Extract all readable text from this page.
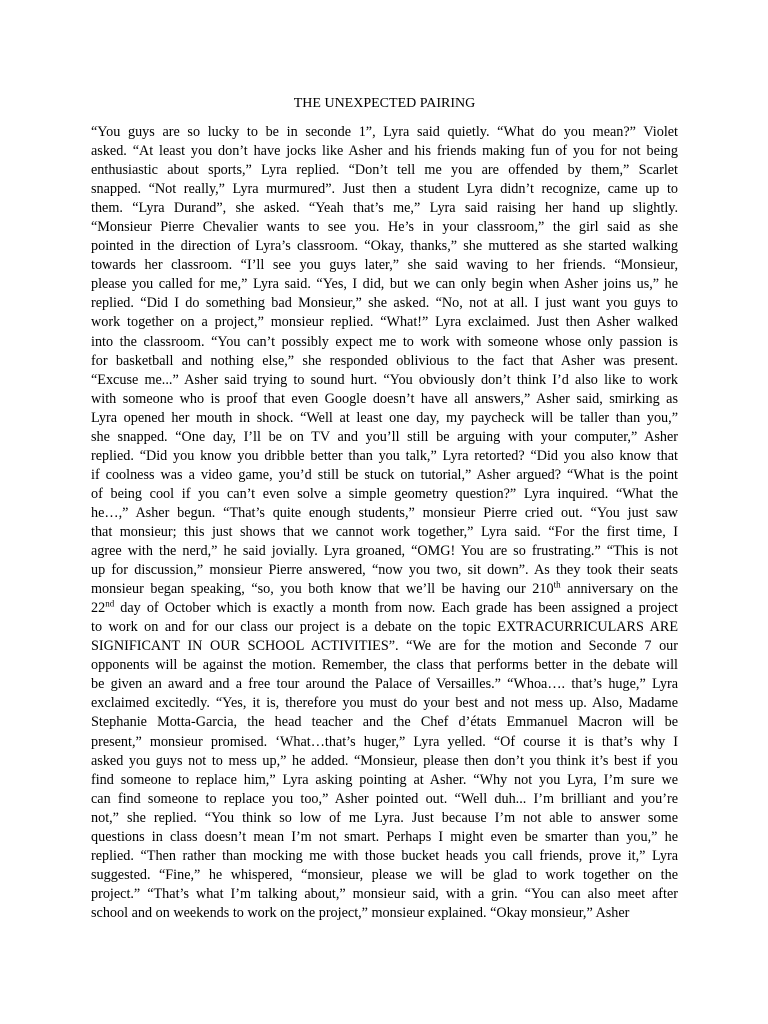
THE UNEXPECTED PAIRING
“You guys are so lucky to be in seconde 1”, Lyra said quietly. “What do you mean?” Violet
asked. “At least you don’t have jocks like Asher and his friends making fun of you for not being
enthusiastic about sports,” Lyra replied. “Don’t tell me you are offended by them,” Scarlet
snapped. “Not really,” Lyra murmured”. Just then a student Lyra didn’t recognize, came up to
them. “Lyra Durand”, she asked. “Yeah that’s me,” Lyra said raising her hand up slightly.
“Monsieur Pierre Chevalier wants to see you. He’s in your classroom,” the girl said as she
pointed in the direction of Lyra’s classroom. “Okay, thanks,” she muttered as she started walking
towards her classroom. “I’ll see you guys later,” she said waving to her friends. “Monsieur,
please you called for me,” Lyra said. “Yes, I did, but we can only begin when Asher joins us,” he
replied. “Did I do something bad Monsieur,” she asked. “No, not at all. I just want you guys to
work together on a project,” monsieur replied. “What!” Lyra exclaimed. Just then Asher walked
into the classroom. “You can’t possibly expect me to work with someone whose only passion is
for basketball and nothing else,” she responded oblivious to the fact that Asher was present.
“Excuse me...” Asher said trying to sound hurt. “You obviously don’t think I’d also like to work
with someone who is proof that even Google doesn’t have all answers,” Asher said, smirking as
Lyra opened her mouth in shock. “Well at least one day, my paycheck will be taller than you,”
she snapped. “One day, I’ll be on TV and you’ll still be arguing with your computer,” Asher
replied. “Did you know you dribble better than you talk,” Lyra retorted? “Did you also know that
if coolness was a video game, you’d still be stuck on tutorial,” Asher argued? “What is the point
of being cool if you can’t even solve a simple geometry question?” Lyra inquired. “What the
he…,” Asher begun. “That’s quite enough students,” monsieur Pierre cried out. “You just saw
that monsieur; this just shows that we cannot work together,” Lyra said. “For the first time, I
agree with the nerd,” he said jovially. Lyra groaned, “OMG! You are so frustrating.” “This is not
up for discussion,” monsieur Pierre answered, “now you two, sit down”. As they took their seats
monsieur began speaking, “so, you both know that we’ll be having our 210th anniversary on the
22nd day of October which is exactly a month from now. Each grade has been assigned a project
to work on and for our class our project is a debate on the topic EXTRACURRICULARS ARE
SIGNIFICANT IN OUR SCHOOL ACTIVITIES”. “We are for the motion and Seconde 7 our
opponents will be against the motion. Remember, the class that performs better in the debate will
be given an award and a free tour around the Palace of Versailles.” “Whoa…. that’s huge,” Lyra
exclaimed excitedly. “Yes, it is, therefore you must do your best and not mess up. Also, Madame
Stephanie Motta-Garcia, the head teacher and the Chef d’états Emmanuel Macron will be
present,” monsieur promised. ‘What…that’s huger,” Lyra yelled. “Of course it is that’s why I
asked you guys not to mess up,” he added. “Monsieur, please then don’t you think it’s best if you
find someone to replace him,” Lyra asking pointing at Asher. “Why not you Lyra, I’m sure we
can find someone to replace you too,” Asher pointed out. “Well duh... I’m brilliant and you’re
not,” she replied. “You think so low of me Lyra. Just because I’m not able to answer some
questions in class doesn’t mean I’m not smart. Perhaps I might even be smarter than you,” he
replied. “Then rather than mocking me with those bucket heads you call friends, prove it,” Lyra
suggested. “Fine,” he whispered, “monsieur, please we will be glad to work together on the
project.” “That’s what I’m talking about,” monsieur said, with a grin. “You can also meet after
school and on weekends to work on the project,” monsieur explained. “Okay monsieur,” Asher
